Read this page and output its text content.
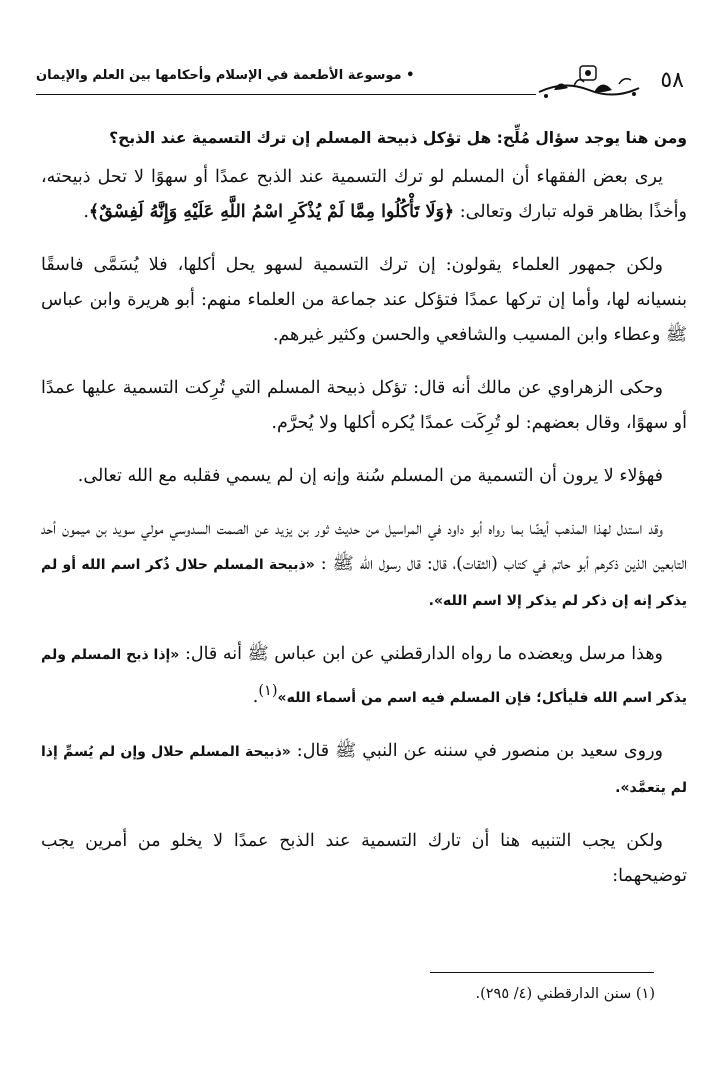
٥٨
• موسوعة الأطعمة في الإسلام وأحكامها بين العلم والإيمان
ومن هنا يوجد سؤال مُلِّح: هل تؤكل ذبيحة المسلم إن ترك التسمية عند الذبح؟

يرى بعض الفقهاء أن المسلم لو ترك التسمية عند الذبح عمدًا أو سهوًا لا تحل ذبيحته، وأخذًا بظاهر قوله تبارك وتعالى: ﴿وَلَا تَأْكُلُوا مِمَّا لَمْ يُذْكَرِ اسْمُ اللَّهِ عَلَيْهِ وَإِنَّهُ لَفِسْقٌ﴾.

ولكن جمهور العلماء يقولون: إن ترك التسمية لسهو يحل أكلها، فلا يُسَمَّى فاسقًا بنسيانه لها، وأما إن تركها عمدًا فتؤكل عند جماعة من العلماء منهم: أبو هريرة وابن عباس ﷺ وعطاء وابن المسيب والشافعي والحسن وكثير غيرهم.

وحكى الزهراوي عن مالك أنه قال: تؤكل ذبيحة المسلم التي تُرِكت التسمية عليها عمدًا أو سهوًا، وقال بعضهم: لو تُرِكَت عمدًا يُكره أكلها ولا يُحرَّم.

فهؤلاء لا يرون أن التسمية من المسلم سُنة وإنه إن لم يسمي فقلبه مع الله تعالى.

وقد استدل لهذا المذهب أيضًا بما رواه أبو داود في المراسيل من حديث ثور بن يزيد عن الصمت السدوسي مولي سويد بن ميمون أحد التابعين الذين ذكرهم أبو حاتم في كتاب (الثقات)، قال: قال رسول الله ﷺ : «ذبيحة المسلم حلال ذُكر اسم الله أو لم يذكر إنه إن ذكر لم يذكر إلا اسم الله».

وهذا مرسل ويعضده ما رواه الدارقطني عن ابن عباس ﷺ أنه قال: «إذا ذبح المسلم ولم يذكر اسم الله فليأكل؛ فإن المسلم فيه اسم من أسماء الله»$^{(١)}$.

وروى سعيد بن منصور في سننه عن النبي ﷺ قال: «ذبيحة المسلم حلال وإن لم يُسمِّ إذا لم يتعمَّد».

ولكن يجب التنبيه هنا أن تارك التسمية عند الذبح عمدًا لا يخلو من أمرين يجب توضيحهما:

(١) سنن الدارقطني (٤/ ٢٩٥).
